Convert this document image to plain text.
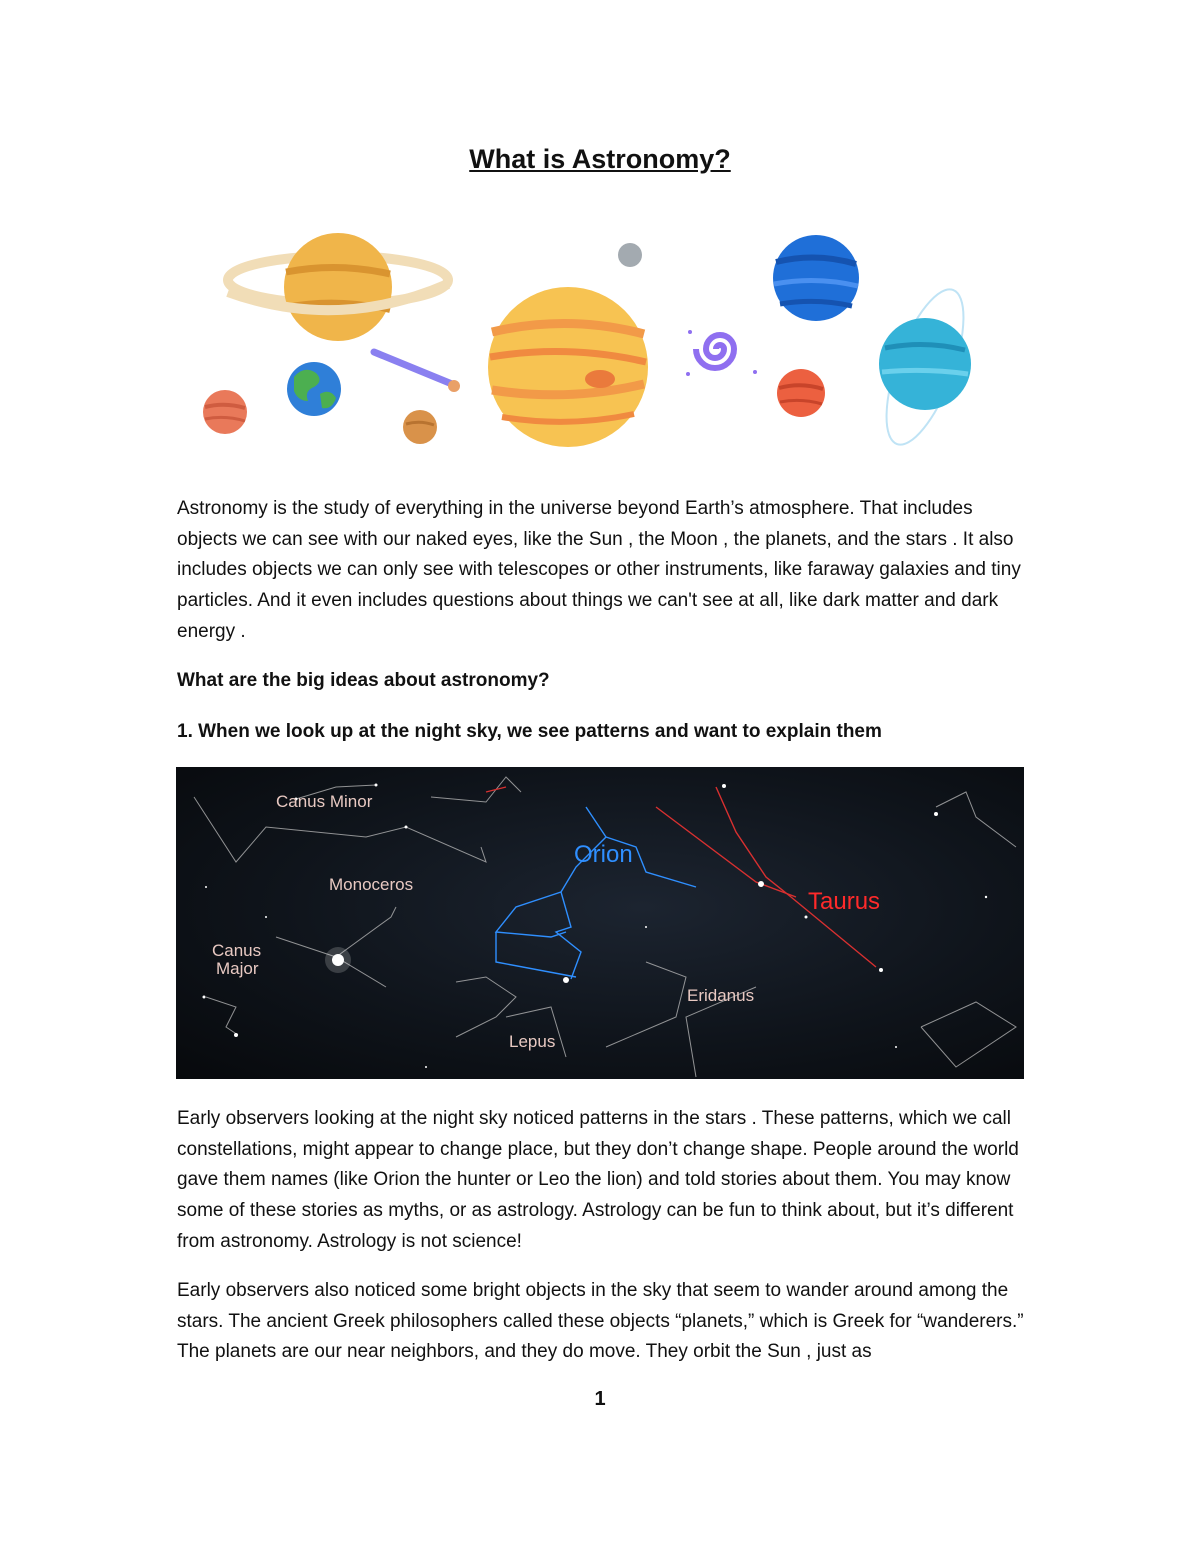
What is Astronomy?

Astronomy is the study of everything in the universe beyond Earth’s atmosphere. That includes objects we can see with our naked eyes, like the Sun , the Moon , the planets, and the stars . It also includes objects we can only see with telescopes or other instruments, like faraway galaxies and tiny particles. And it even includes questions about things we can't see at all, like dark matter and dark energy .

What are the big ideas about astronomy?

1. When we look up at the night sky, we see patterns and want to explain them

Canus Minor
Monoceros
Canus
Major
Orion
Taurus
Eridanus
Lepus

Early observers looking at the night sky noticed patterns in the stars . These patterns, which we call constellations, might appear to change place, but they don’t change shape. People around the world gave them names (like Orion the hunter or Leo the lion) and told stories about them. You may know some of these stories as myths, or as astrology. Astrology can be fun to think about, but it’s different from astronomy. Astrology is not science!

Early observers also noticed some bright objects in the sky that seem to wander around among the stars. The ancient Greek philosophers called these objects “planets,” which is Greek for “wanderers.” The planets are our near neighbors, and they do move. They orbit the Sun , just as

1
